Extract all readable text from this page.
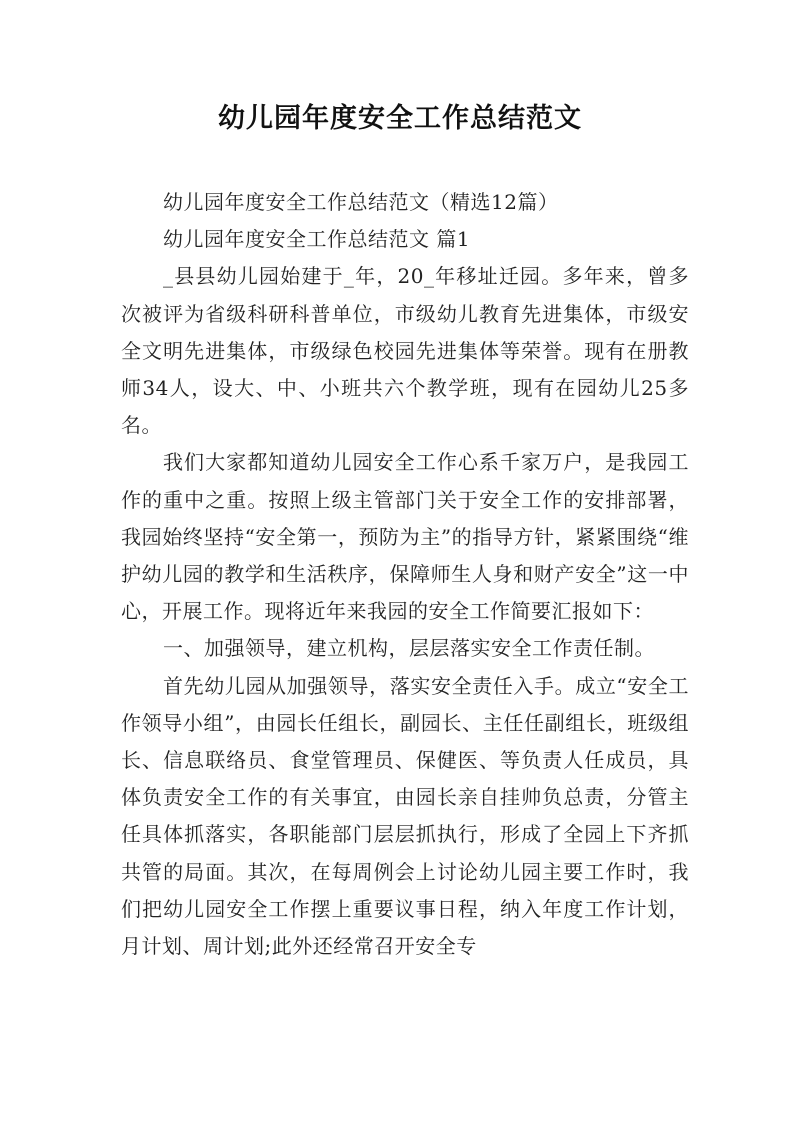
幼儿园年度安全工作总结范文

幼儿园年度安全工作总结范文（精选12篇）

幼儿园年度安全工作总结范文 篇1

_县县幼儿园始建于_年，20_年移址迁园。多年来，曾多次被评为省级科研科普单位，市级幼儿教育先进集体，市级安全文明先进集体，市级绿色校园先进集体等荣誉。现有在册教师34人，设大、中、小班共六个教学班，现有在园幼儿25多名。

我们大家都知道幼儿园安全工作心系千家万户，是我园工作的重中之重。按照上级主管部门关于安全工作的安排部署，我园始终坚持“安全第一，预防为主”的指导方针，紧紧围绕“维护幼儿园的教学和生活秩序，保障师生人身和财产安全”这一中心，开展工作。现将近年来我园的安全工作简要汇报如下：

一、加强领导，建立机构，层层落实安全工作责任制。

首先幼儿园从加强领导，落实安全责任入手。成立“安全工作领导小组”，由园长任组长，副园长、主任任副组长，班级组长、信息联络员、食堂管理员、保健医、等负责人任成员，具体负责安全工作的有关事宜，由园长亲自挂帅负总责，分管主任具体抓落实，各职能部门层层抓执行，形成了全园上下齐抓共管的局面。其次，在每周例会上讨论幼儿园主要工作时，我们把幼儿园安全工作摆上重要议事日程，纳入年度工作计划，月计划、周计划;此外还经常召开安全专
